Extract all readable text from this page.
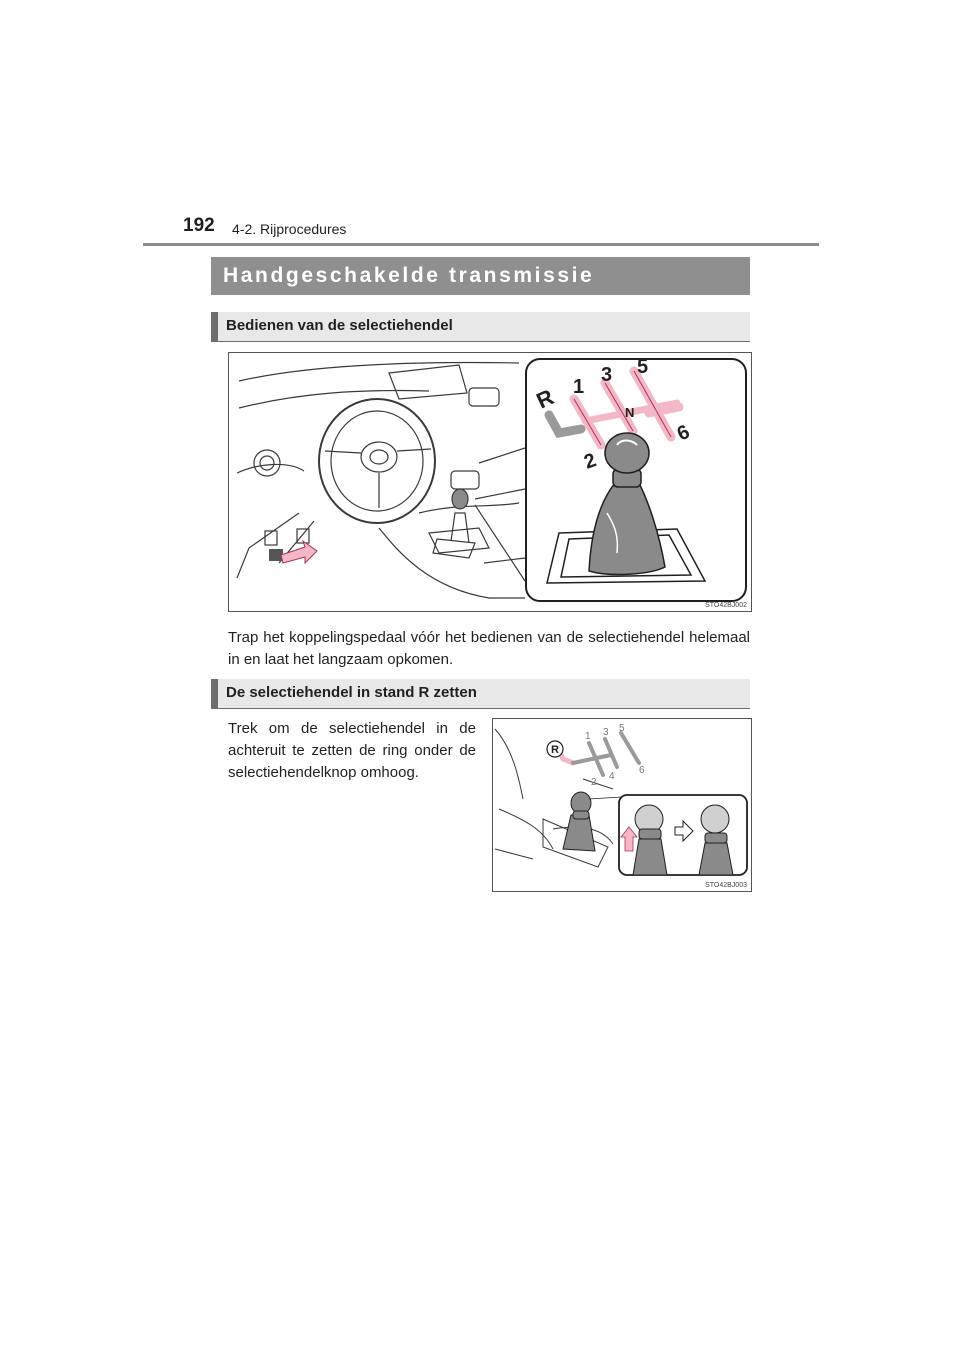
192 4-2. Rijprocedures
Handgeschakelde transmissie
Bedienen van de selectiehendel
R 1
2
3 5
6
N
STO42BJ002
Trap het koppelingspedaal vóór het bedienen van de selectiehendel helemaal in en laat het langzaam opkomen.
De selectiehendel in stand R zetten
Trek om de selectiehendel in de achteruit te zetten de ring onder de selectiehendelknop omhoog.
R
1
2
3
4
5
6
STO42BJ003
